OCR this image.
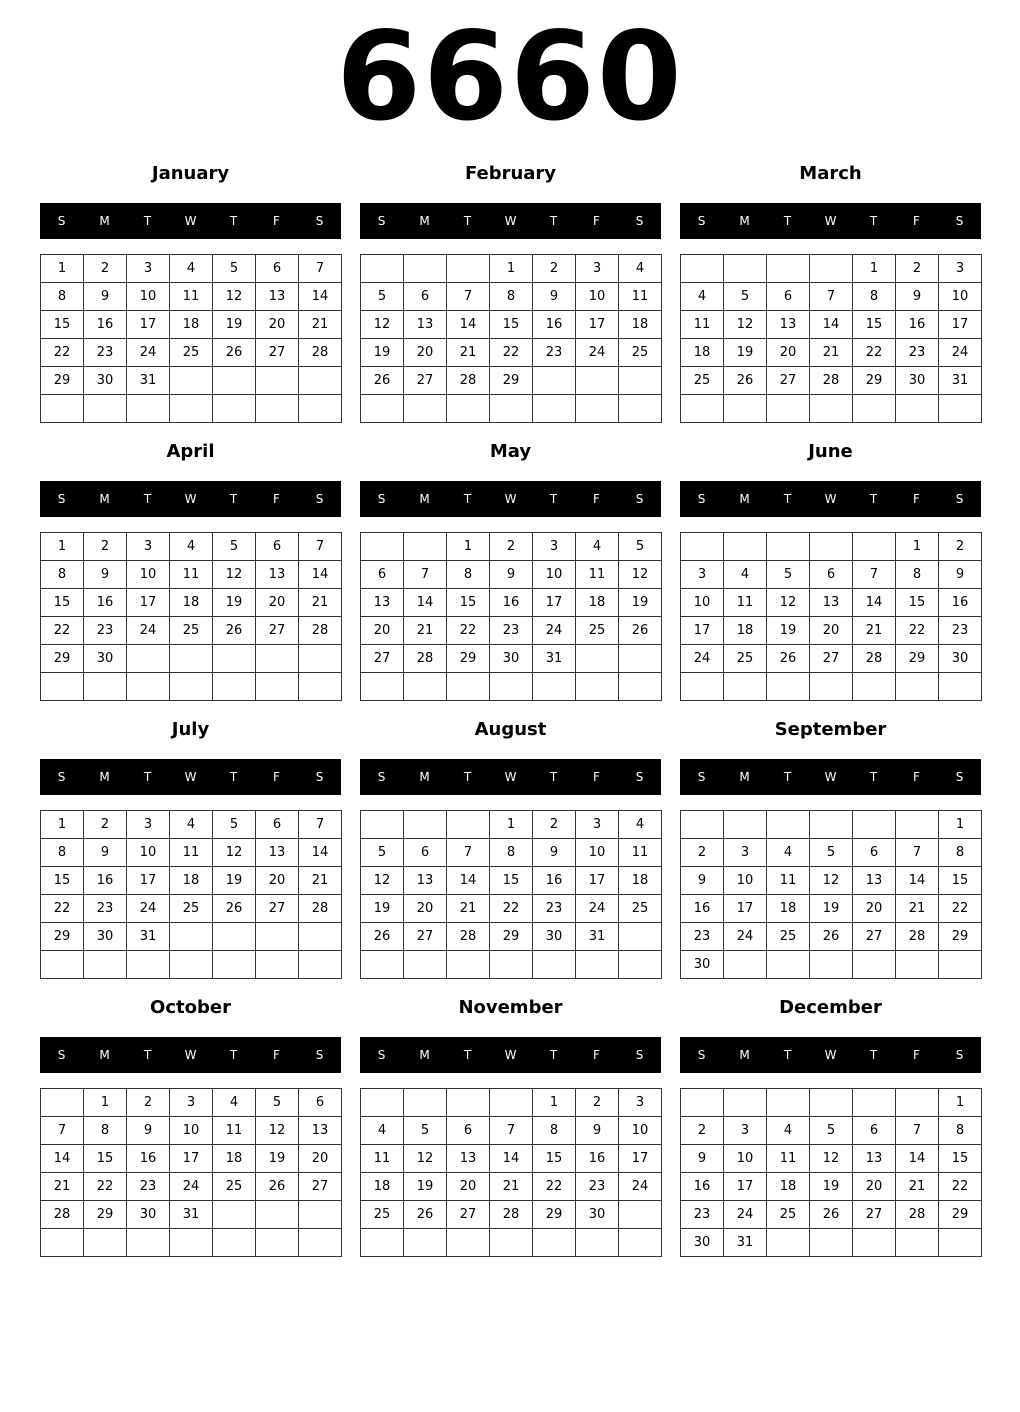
6660
January
S	M	T	W	T	F	S
1	2	3	4	5	6	7
8	9	10	11	12	13	14
15	16	17	18	19	20	21
22	23	24	25	26	27	28
29	30	31				

February
S	M	T	W	T	F	S
			1	2	3	4
5	6	7	8	9	10	11
12	13	14	15	16	17	18
19	20	21	22	23	24	25
26	27	28	29			

March
S	M	T	W	T	F	S
				1	2	3
4	5	6	7	8	9	10
11	12	13	14	15	16	17
18	19	20	21	22	23	24
25	26	27	28	29	30	31

April
S	M	T	W	T	F	S
1	2	3	4	5	6	7
8	9	10	11	12	13	14
15	16	17	18	19	20	21
22	23	24	25	26	27	28
29	30					

May
S	M	T	W	T	F	S
		1	2	3	4	5
6	7	8	9	10	11	12
13	14	15	16	17	18	19
20	21	22	23	24	25	26
27	28	29	30	31		

June
S	M	T	W	T	F	S
					1	2
3	4	5	6	7	8	9
10	11	12	13	14	15	16
17	18	19	20	21	22	23
24	25	26	27	28	29	30

July
S	M	T	W	T	F	S
1	2	3	4	5	6	7
8	9	10	11	12	13	14
15	16	17	18	19	20	21
22	23	24	25	26	27	28
29	30	31				

August
S	M	T	W	T	F	S
			1	2	3	4
5	6	7	8	9	10	11
12	13	14	15	16	17	18
19	20	21	22	23	24	25
26	27	28	29	30	31	

September
S	M	T	W	T	F	S
						1
2	3	4	5	6	7	8
9	10	11	12	13	14	15
16	17	18	19	20	21	22
23	24	25	26	27	28	29
30						
October
S	M	T	W	T	F	S
	1	2	3	4	5	6
7	8	9	10	11	12	13
14	15	16	17	18	19	20
21	22	23	24	25	26	27
28	29	30	31			

November
S	M	T	W	T	F	S
				1	2	3
4	5	6	7	8	9	10
11	12	13	14	15	16	17
18	19	20	21	22	23	24
25	26	27	28	29	30	

December
S	M	T	W	T	F	S
						1
2	3	4	5	6	7	8
9	10	11	12	13	14	15
16	17	18	19	20	21	22
23	24	25	26	27	28	29
30	31					
